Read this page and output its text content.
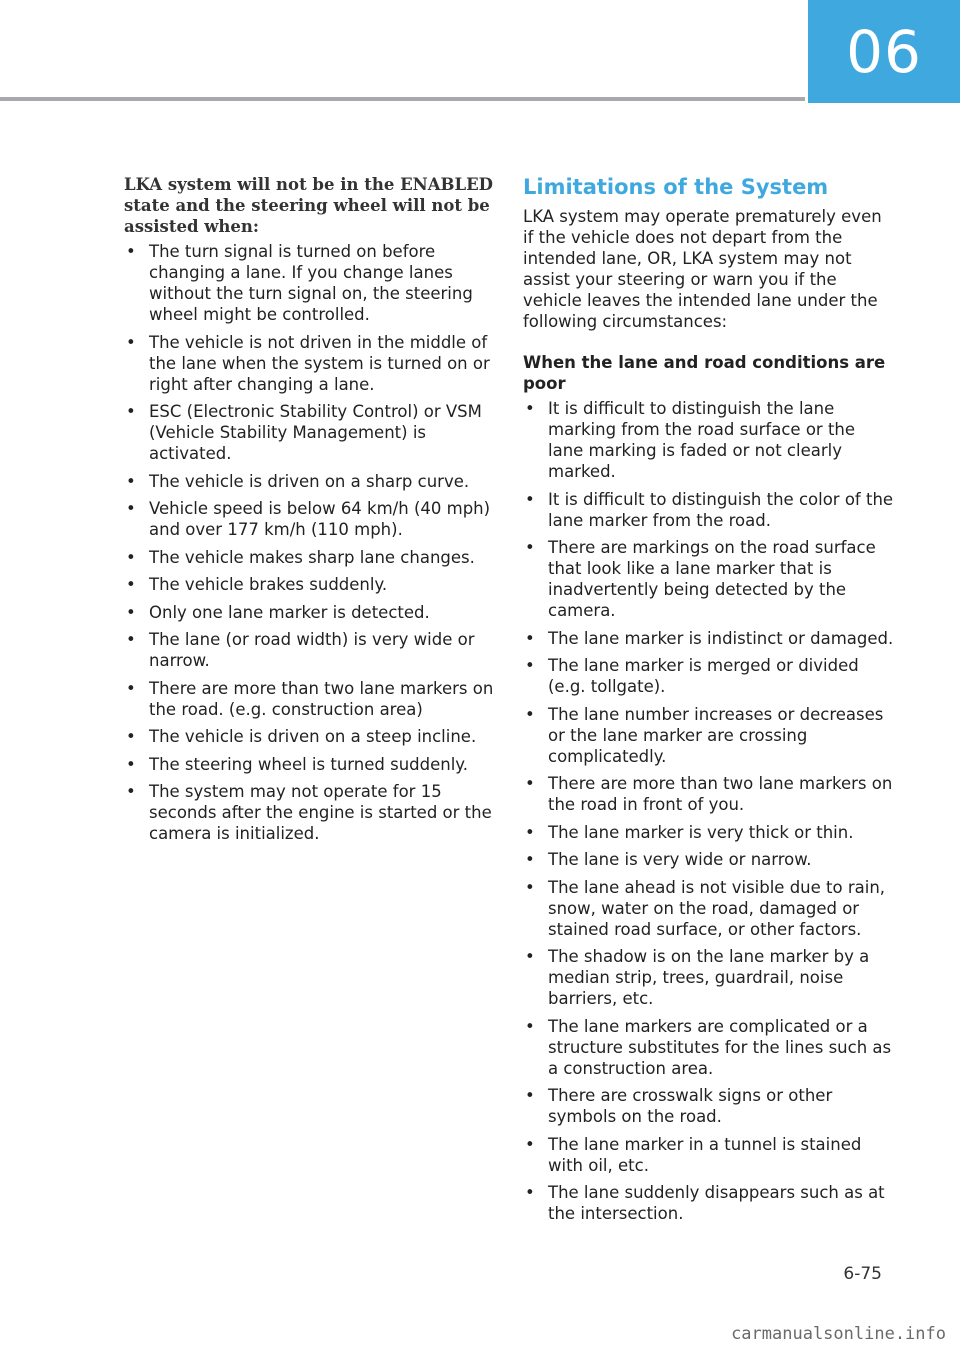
06

LKA system will not be in the ENABLED state and the steering wheel will not be assisted when:

• The turn signal is turned on before changing a lane. If you change lanes without the turn signal on, the steering wheel might be controlled.
• The vehicle is not driven in the middle of the lane when the system is turned on or right after changing a lane.
• ESC (Electronic Stability Control) or VSM (Vehicle Stability Management) is activated.
• The vehicle is driven on a sharp curve.
• Vehicle speed is below 64 km/h (40 mph) and over 177 km/h (110 mph).
• The vehicle makes sharp lane changes.
• The vehicle brakes suddenly.
• Only one lane marker is detected.
• The lane (or road width) is very wide or narrow.
• There are more than two lane markers on the road. (e.g. construction area)
• The vehicle is driven on a steep incline.
• The steering wheel is turned suddenly.
• The system may not operate for 15 seconds after the engine is started or the camera is initialized.
Limitations of the System

LKA system may operate prematurely even if the vehicle does not depart from the intended lane, OR, LKA system may not assist your steering or warn you if the vehicle leaves the intended lane under the following circumstances:

When the lane and road conditions are poor

• It is difficult to distinguish the lane marking from the road surface or the lane marking is faded or not clearly marked.
• It is difficult to distinguish the color of the lane marker from the road.
• There are markings on the road surface that look like a lane marker that is inadvertently being detected by the camera.
• The lane marker is indistinct or damaged.
• The lane marker is merged or divided (e.g. tollgate).
• The lane number increases or decreases or the lane marker are crossing complicatedly.
• There are more than two lane markers on the road in front of you.
• The lane marker is very thick or thin.
• The lane is very wide or narrow.
• The lane ahead is not visible due to rain, snow, water on the road, damaged or stained road surface, or other factors.
• The shadow is on the lane marker by a median strip, trees, guardrail, noise barriers, etc.
• The lane markers are complicated or a structure substitutes for the lines such as a construction area.
• There are crosswalk signs or other symbols on the road.
• The lane marker in a tunnel is stained with oil, etc.
• The lane suddenly disappears such as at the intersection.
6-75
carmanualsonline.info
